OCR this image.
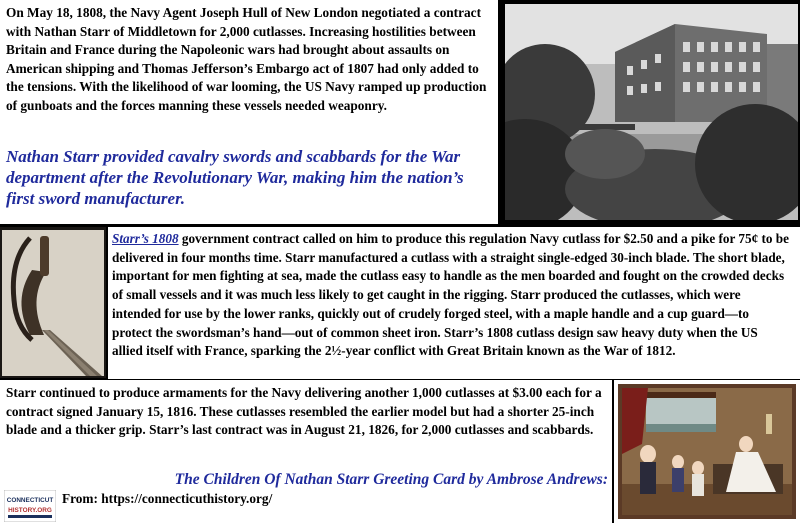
On May 18, 1808, the Navy Agent Joseph Hull of New London negotiated a contract with Nathan Starr of Middletown for 2,000 cutlasses. Increasing hostilities between Britain and France during the Napoleonic wars had brought about assaults on American shipping and Thomas Jefferson’s Embargo act of 1807 had only added to the tensions. With the likelihood of war looming, the US Navy ramped up production of gunboats and the forces manning these vessels needed weaponry.

Nathan Starr provided cavalry swords and scabbards for the War department after the Revolutionary War, making him the nation’s first sword manufacturer.

Starr’s 1808 government contract called on him to produce this regulation Navy cutlass for $2.50 and a pike for 75¢ to be delivered in four months time. Starr manufactured a cutlass with a straight single-edged 30-inch blade. The short blade, important for men fighting at sea, made the cutlass easy to handle as the men boarded and fought on the crowded decks of small vessels and it was much less likely to get caught in the rigging. Starr produced the cutlasses, which were intended for use by the lower ranks, quickly out of crudely forged steel, with a maple handle and a cup guard—to protect the swordsman’s hand—out of common sheet iron. Starr’s 1808 cutlass design saw heavy duty when the US allied itself with France, sparking the 2½-year conflict with Great Britain known as the War of 1812.

Starr continued to produce armaments for the Navy delivering another 1,000 cutlasses at $3.00 each for a contract signed January 15, 1816. These cutlasses resembled the earlier model but had a shorter 25-inch blade and a thicker grip. Starr’s last contract was in August 21, 1826, for 2,000 cutlasses and scabbards.

The Children Of Nathan Starr Greeting Card by Ambrose Andrews:

CONNECTICUT
HISTORY.ORG

From: https://connecticuthistory.org/
